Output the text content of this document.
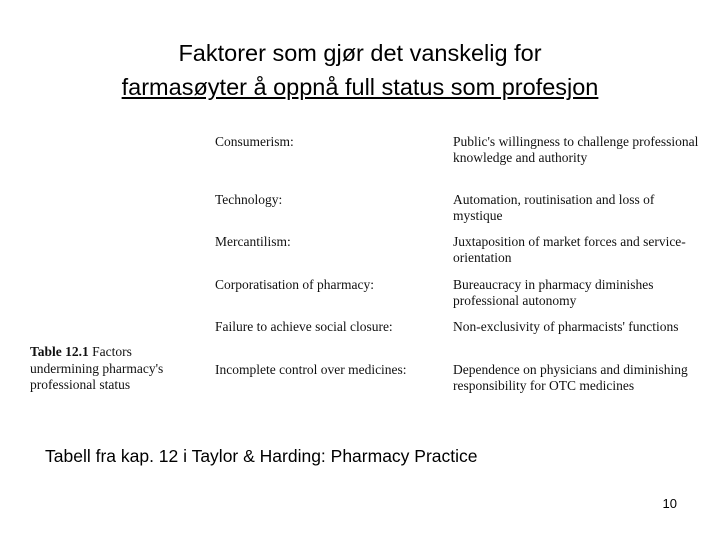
Faktorer som gjør det vanskelig for
farmasøyter å oppnå full status som profesjon
Consumerism:	Public's willingness to challenge professional knowledge and authority
Technology:	Automation, routinisation and loss of mystique
Mercantilism:	Juxtaposition of market forces and service-orientation
Corporatisation of pharmacy:	Bureaucracy in pharmacy diminishes professional autonomy
Failure to achieve social closure:	Non-exclusivity of pharmacists' functions
Incomplete control over medicines:	Dependence on physicians and diminishing responsibility for OTC medicines
Table 12.1 Factors undermining pharmacy's professional status
Tabell fra kap. 12 i Taylor & Harding: Pharmacy Practice
10
